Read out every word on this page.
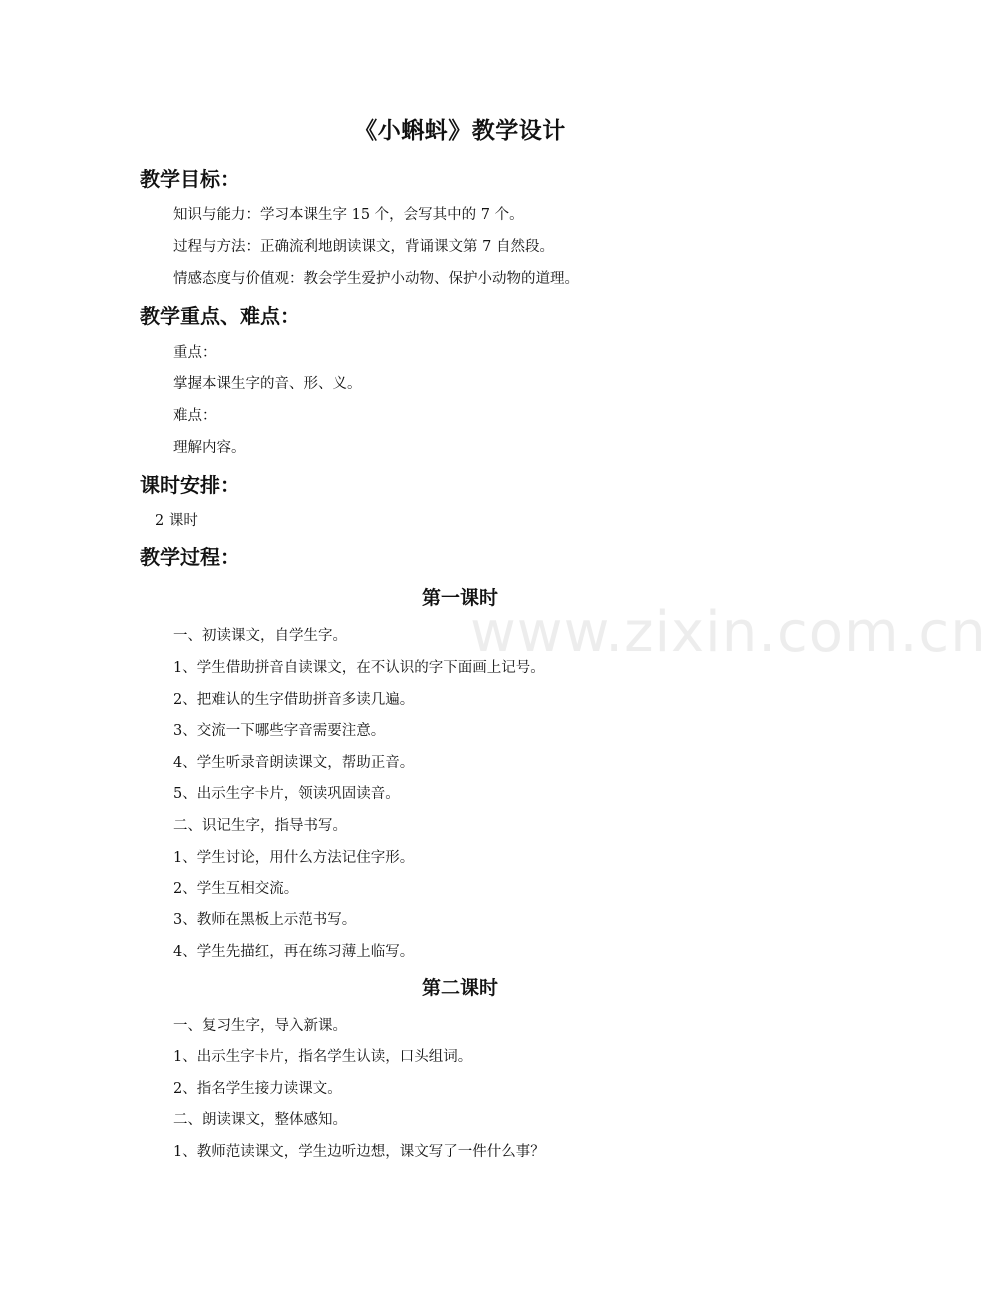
www.zixin.com.cn
《小蝌蚪》教学设计
教学目标：
知识与能力：学习本课生字 15 个，会写其中的 7 个。
过程与方法：正确流利地朗读课文，背诵课文第 7 自然段。
情感态度与价值观：教会学生爱护小动物、保护小动物的道理。
教学重点、难点：
重点：
掌握本课生字的音、形、义。
难点：
理解内容。
课时安排：
2 课时
教学过程：
第一课时
一、初读课文，自学生字。
1、学生借助拼音自读课文，在不认识的字下面画上记号。
2、把难认的生字借助拼音多读几遍。
3、交流一下哪些字音需要注意。
4、学生听录音朗读课文，帮助正音。
5、出示生字卡片，领读巩固读音。
二、识记生字，指导书写。
1、学生讨论，用什么方法记住字形。
2、学生互相交流。
3、教师在黑板上示范书写。
4、学生先描红，再在练习薄上临写。
第二课时
一、复习生字，导入新课。
1、出示生字卡片，指名学生认读，口头组词。
2、指名学生接力读课文。
二、朗读课文，整体感知。
1、教师范读课文，学生边听边想，课文写了一件什么事？
